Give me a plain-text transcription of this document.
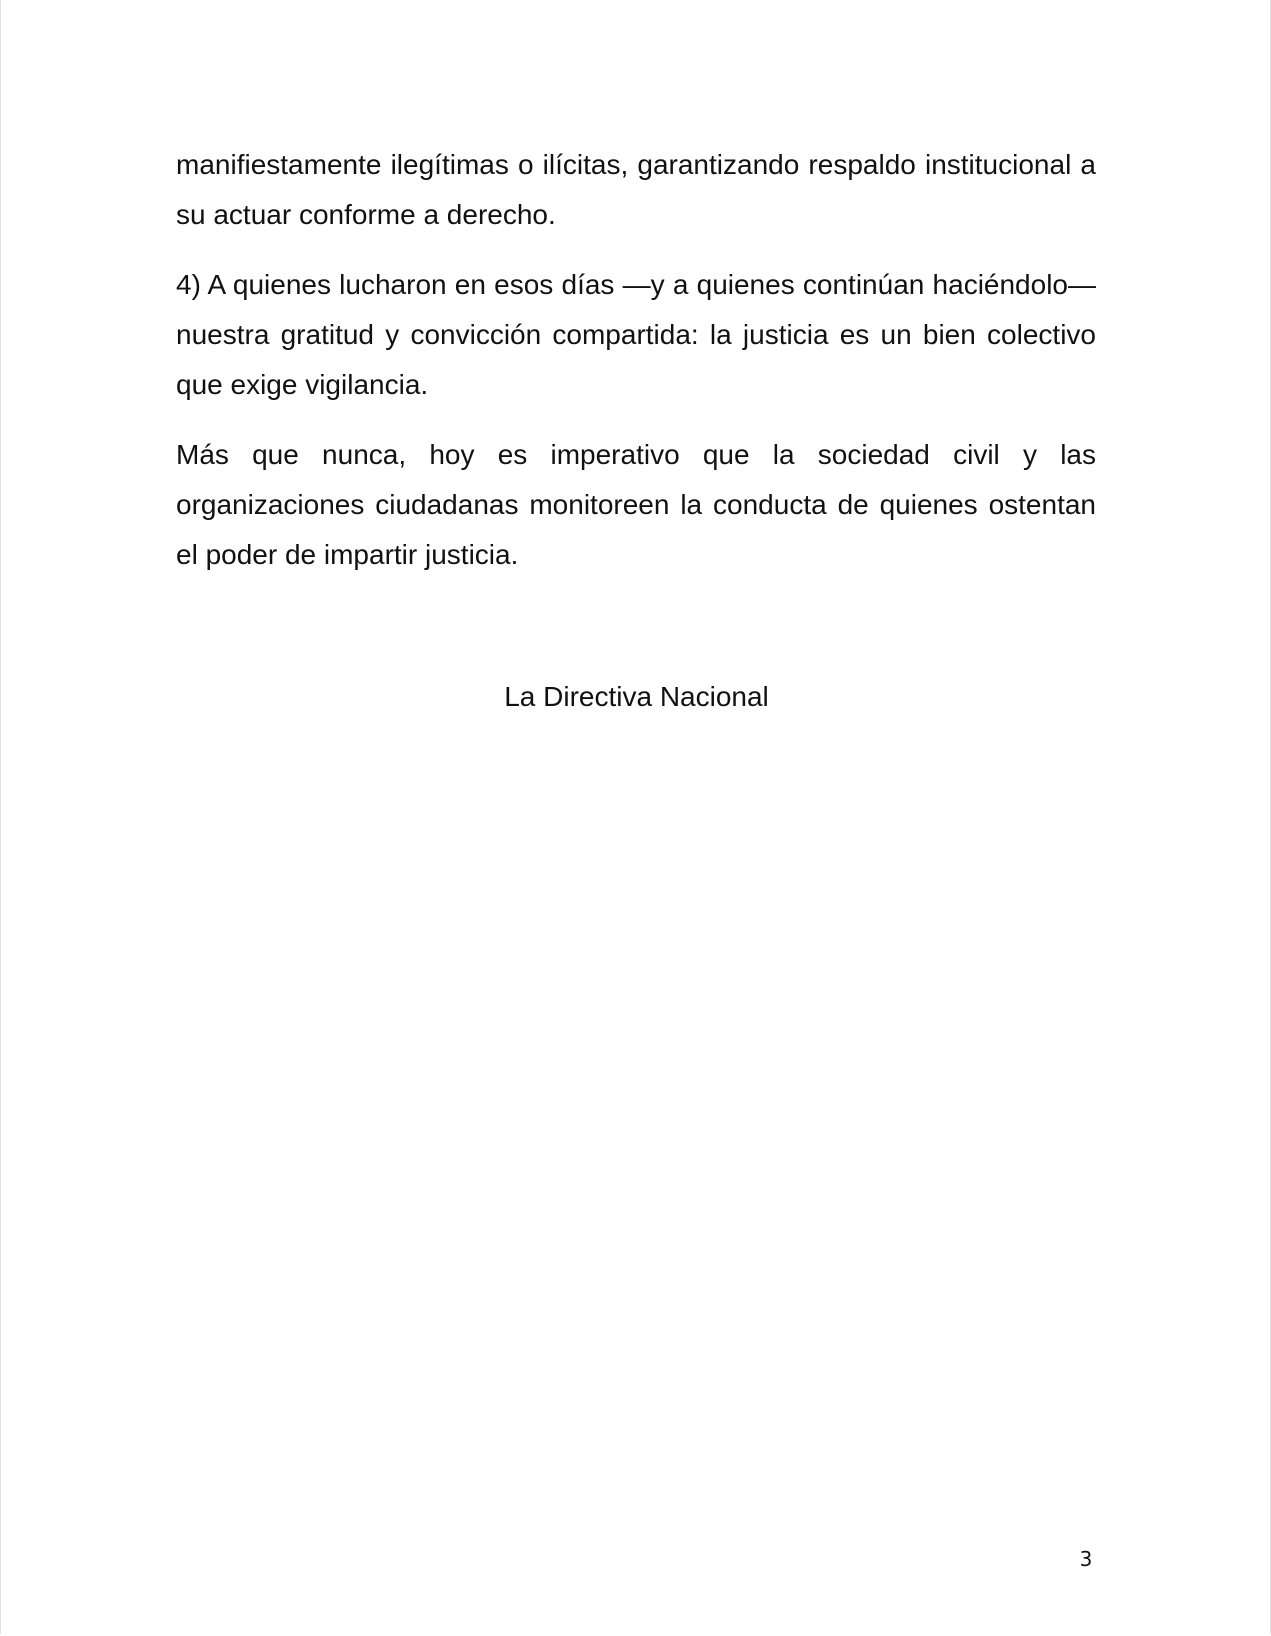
manifiestamente ilegítimas o ilícitas, garantizando respaldo institucional a su actuar conforme a derecho.

4) A quienes lucharon en esos días —y a quienes continúan haciéndolo— nuestra gratitud y convicción compartida: la justicia es un bien colectivo que exige vigilancia.

Más que nunca, hoy es imperativo que la sociedad civil y las organizaciones ciudadanas monitoreen la conducta de quienes ostentan el poder de impartir justicia.

La Directiva Nacional
3
